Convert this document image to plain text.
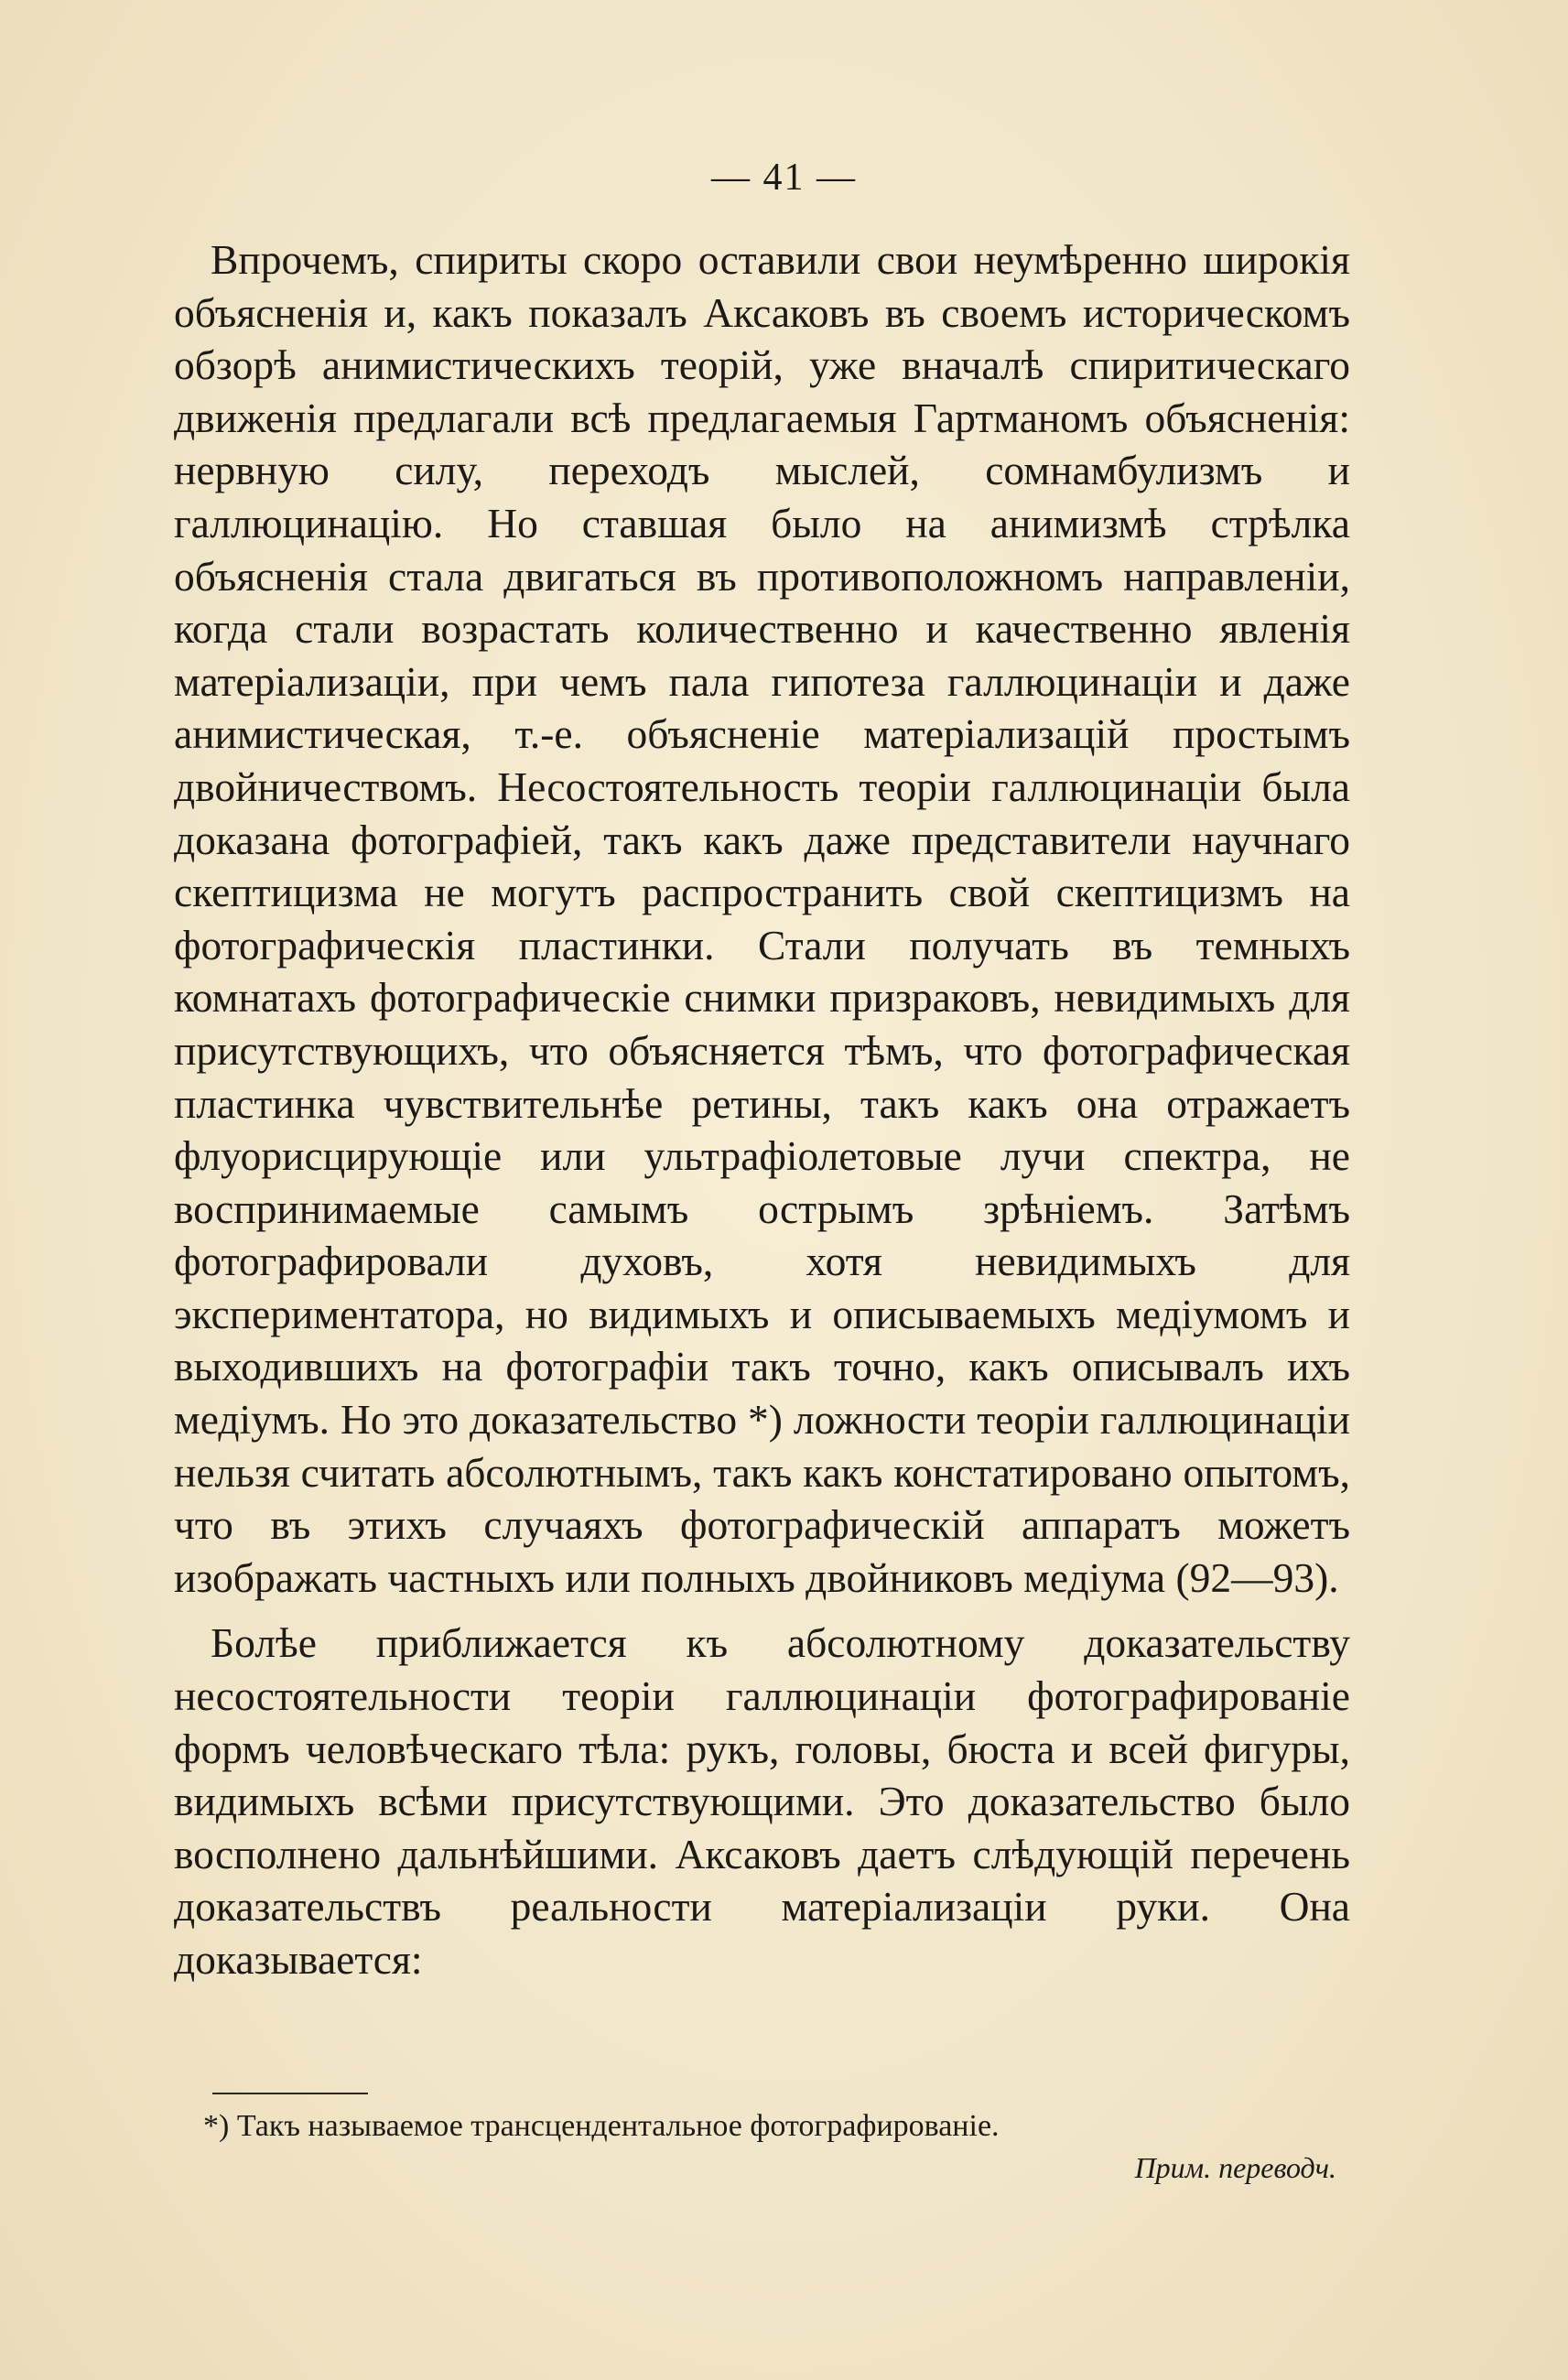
— 41 —

Впрочемъ, спириты скоро оставили свои неумѣренно широкія объясненія и, какъ показалъ Аксаковъ въ своемъ историческомъ обзорѣ анимистическихъ теорій, уже вначалѣ спиритическаго движенія предлагали всѣ предлагаемыя Гартманомъ объясненія: нервную силу, переходъ мыслей, сомнамбулизмъ и галлюцинацію. Но ставшая было на анимизмѣ стрѣлка объясненія стала двигаться въ противоположномъ направленіи, когда стали возрастать количественно и качественно явленія матеріализаціи, при чемъ пала гипотеза галлюцинаціи и даже анимистическая, т.-е. объясненіе матеріализацій простымъ двойничествомъ. Несостоятельность теоріи галлюцинаціи была доказана фотографіей, такъ какъ даже представители научнаго скептицизма не могутъ распространить свой скептицизмъ на фотографическія пластинки. Стали получать въ темныхъ комнатахъ фотографическіе снимки призраковъ, невидимыхъ для присутствующихъ, что объясняется тѣмъ, что фотографическая пластинка чувствительнѣе ретины, такъ какъ она отражаетъ флуорисцирующіе или ультрафіолетовые лучи спектра, не воспринимаемые самымъ острымъ зрѣніемъ. Затѣмъ фотографировали духовъ, хотя невидимыхъ для экспериментатора, но видимыхъ и описываемыхъ медіумомъ и выходившихъ на фотографіи такъ точно, какъ описывалъ ихъ медіумъ. Но это доказательство *) ложности теоріи галлюцинаціи нельзя считать абсолютнымъ, такъ какъ констатировано опытомъ, что въ этихъ случаяхъ фотографическій аппаратъ можетъ изображать частныхъ или полныхъ двойниковъ медіума (92—93).

Болѣе приближается къ абсолютному доказательству несостоятельности теоріи галлюцинаціи фотографированіе формъ человѣческаго тѣла: рукъ, головы, бюста и всей фигуры, видимыхъ всѣми присутствующими. Это доказательство было восполнено дальнѣйшими. Аксаковъ даетъ слѣдующій перечень доказательствъ реальности матеріализаціи руки. Она доказывается:

*) Такъ называемое трансцендентальное фотографированіе.
Прим. переводч.
